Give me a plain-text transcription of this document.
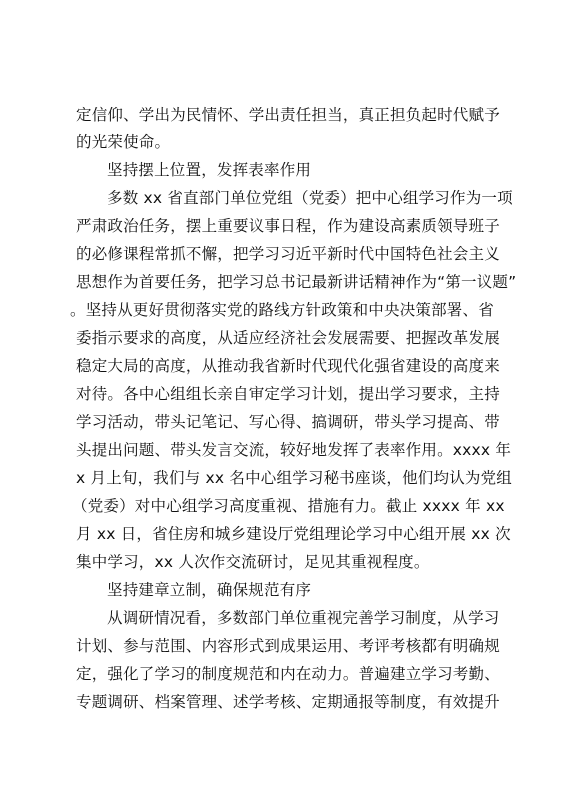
定信仰、学出为民情怀、学出责任担当，真正担负起时代赋予
的光荣使命。
坚持摆上位置，发挥表率作用
多数 xx 省直部门单位党组（党委）把中心组学习作为一项
严肃政治任务，摆上重要议事日程，作为建设高素质领导班子
的必修课程常抓不懈，把学习习近平新时代中国特色社会主义
思想作为首要任务，把学习总书记最新讲话精神作为“第一议题”
。坚持从更好贯彻落实党的路线方针政策和中央决策部署、省
委指示要求的高度，从适应经济社会发展需要、把握改革发展
稳定大局的高度，从推动我省新时代现代化强省建设的高度来
对待。各中心组组长亲自审定学习计划，提出学习要求，主持
学习活动，带头记笔记、写心得、搞调研，带头学习提高、带
头提出问题、带头发言交流，较好地发挥了表率作用。xxxx 年
x 月上旬，我们与 xx 名中心组学习秘书座谈，他们均认为党组
（党委）对中心组学习高度重视、措施有力。截止 xxxx 年 xx
月 xx 日，省住房和城乡建设厅党组理论学习中心组开展 xx 次
集中学习，xx 人次作交流研讨，足见其重视程度。
坚持建章立制，确保规范有序
从调研情况看，多数部门单位重视完善学习制度，从学习
计划、参与范围、内容形式到成果运用、考评考核都有明确规
定，强化了学习的制度规范和内在动力。普遍建立学习考勤、
专题调研、档案管理、述学考核、定期通报等制度，有效提升
